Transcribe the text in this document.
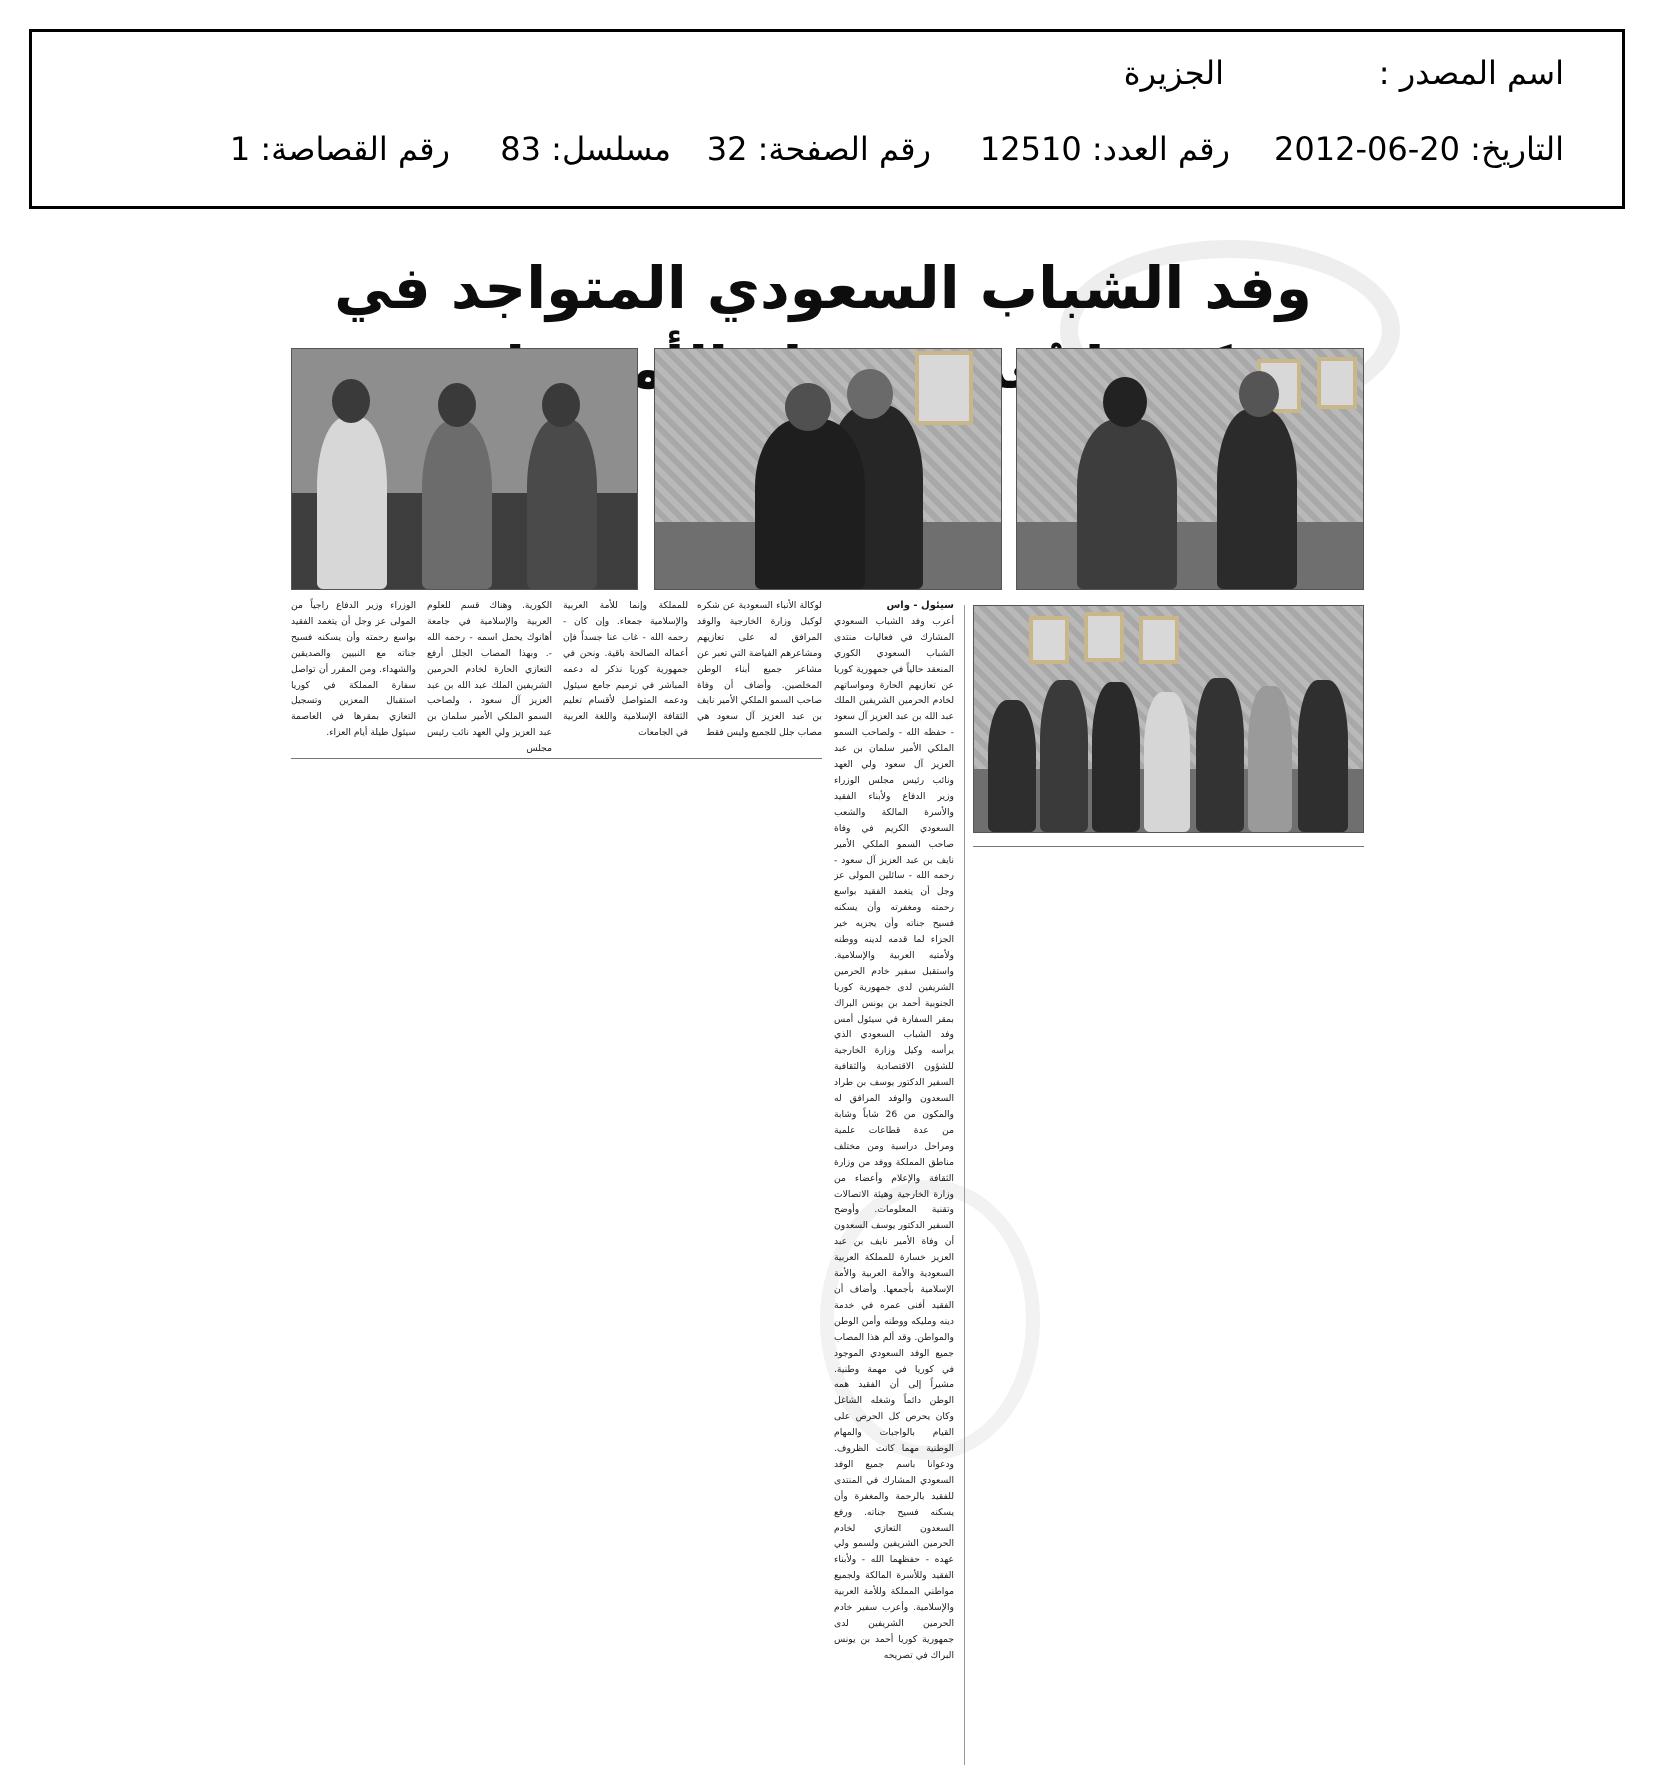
اسم المصدر :
الجزيرة
التاريخ: 20-06-2012
رقم العدد: 12510
رقم الصفحة: 32
مسلسل: 83
رقم القصاصة: 1
وفد الشباب السعودي المتواجد في الأمير
سيئول - واس
أعرب وفد الشباب السعودي المشارك في فعاليات منتدى الشباب السعودي الكوري المنعقد حالياً في جمهورية كوريا عن تعازيهم الحارة ومواساتهم لخادم الحرمين الشريفين الملك عبد الله بن عبد العزيز آل سعود - حفظه الله - ولصاحب السمو الملكي الأمير سلمان بن عبد العزيز آل سعود ولي العهد ونائب رئيس مجلس الوزراء وزير الدفاع ولأبناء الفقيد والأسرة المالكة والشعب السعودي الكريم في وفاة صاحب السمو الملكي الأمير نايف بن عبد العزيز آل سعود - رحمه الله - سائلين المولى عز وجل أن يتغمد الفقيد بواسع رحمته ومغفرته وأن يسكنه فسيح جناته وأن يجزيه خير الجزاء لما قدمه لدينه ووطنه ولأمتيه العربية والإسلامية. واستقبل سفير خادم الحرمين الشريفين لدى جمهورية كوريا الجنوبية أحمد بن يونس البراك بمقر السفارة في سيئول أمس وفد الشباب السعودي الذي يرأسه وكيل وزارة الخارجية للشؤون الاقتصادية والثقافية السفير الدكتور يوسف بن طراد السعدون والوفد المرافق له والمكون من 26 شاباً وشابة من عدة قطاعات علمية ومراحل دراسية ومن مختلف مناطق المملكة ووفد من وزارة الثقافة والإعلام وأعضاء من وزارة الخارجية وهيئة الاتصالات وتقنية المعلومات. وأوضح السفير الدكتور يوسف السعدون أن وفاة الأمير نايف بن عبد العزيز خسارة للمملكة العربية السعودية والأمة العربية والأمة الإسلامية بأجمعها. وأضاف أن الفقيد أفنى عمره في خدمة دينه ومليكه ووطنه وأمن الوطن والمواطن. وقد ألم هذا المصاب جميع الوفد السعودي الموجود في كوريا في مهمة وطنية. مشيراً إلى أن الفقيد همه الوطن دائماً وشغله الشاغل وكان يحرص كل الحرص على القيام بالواجبات والمهام الوطنية مهما كانت الظروف. ودعوانا باسم جميع الوفد السعودي المشارك في المنتدى للفقيد بالرحمة والمغفرة وأن يسكنه فسيح جناته. ورفع السعدون التعازي لخادم الحرمين الشريفين ولسمو ولي عهده - حفظهما الله - ولأبناء الفقيد وللأسرة المالكة ولجميع مواطني المملكة وللأمة العربية والإسلامية. وأعرب سفير خادم الحرمين الشريفين لدى جمهورية كوريا أحمد بن يونس البراك في تصريحه
لوكالة الأنباء السعودية عن شكره لوكيل وزارة الخارجية والوفد المرافق له على تعازيهم ومشاعرهم الفياضة التي تعبر عن مشاعر جميع أبناء الوطن المخلصين. وأضاف أن وفاة صاحب السمو الملكي الأمير نايف بن عبد العزيز آل سعود هي مصاب جلل للجميع وليس فقط
للمملكة وإنما للأمة العربية والإسلامية جمعاء. وإن كان - رحمه الله - غاب عنا جسداً فإن أعماله الصالحة باقية. ونحن في جمهورية كوريا نذكر له دعمه المباشر في ترميم جامع سيئول ودعمه المتواصل لأقسام تعليم الثقافة الإسلامية واللغة العربية في الجامعات
الكورية. وهناك قسم للعلوم العربية والإسلامية في جامعة أهانوك يحمل اسمه - رحمه الله -. وبهذا المصاب الجلل أرفع التعازي الحارة لخادم الحرمين الشريفين الملك عبد الله بن عبد العزيز آل سعود ، ولصاحب السمو الملكي الأمير سلمان بن عبد العزيز ولي العهد نائب رئيس مجلس
الوزراء وزير الدفاع راجياً من المولى عز وجل أن يتغمد الفقيد بواسع رحمته وأن يسكنه فسيح جناته مع النبيين والصديقين والشهداء. ومن المقرر أن تواصل سفارة المملكة في كوريا استقبال المعزين وتسجيل التعازي بمقرها في العاصمة سيئول طيلة أيام العزاء.
